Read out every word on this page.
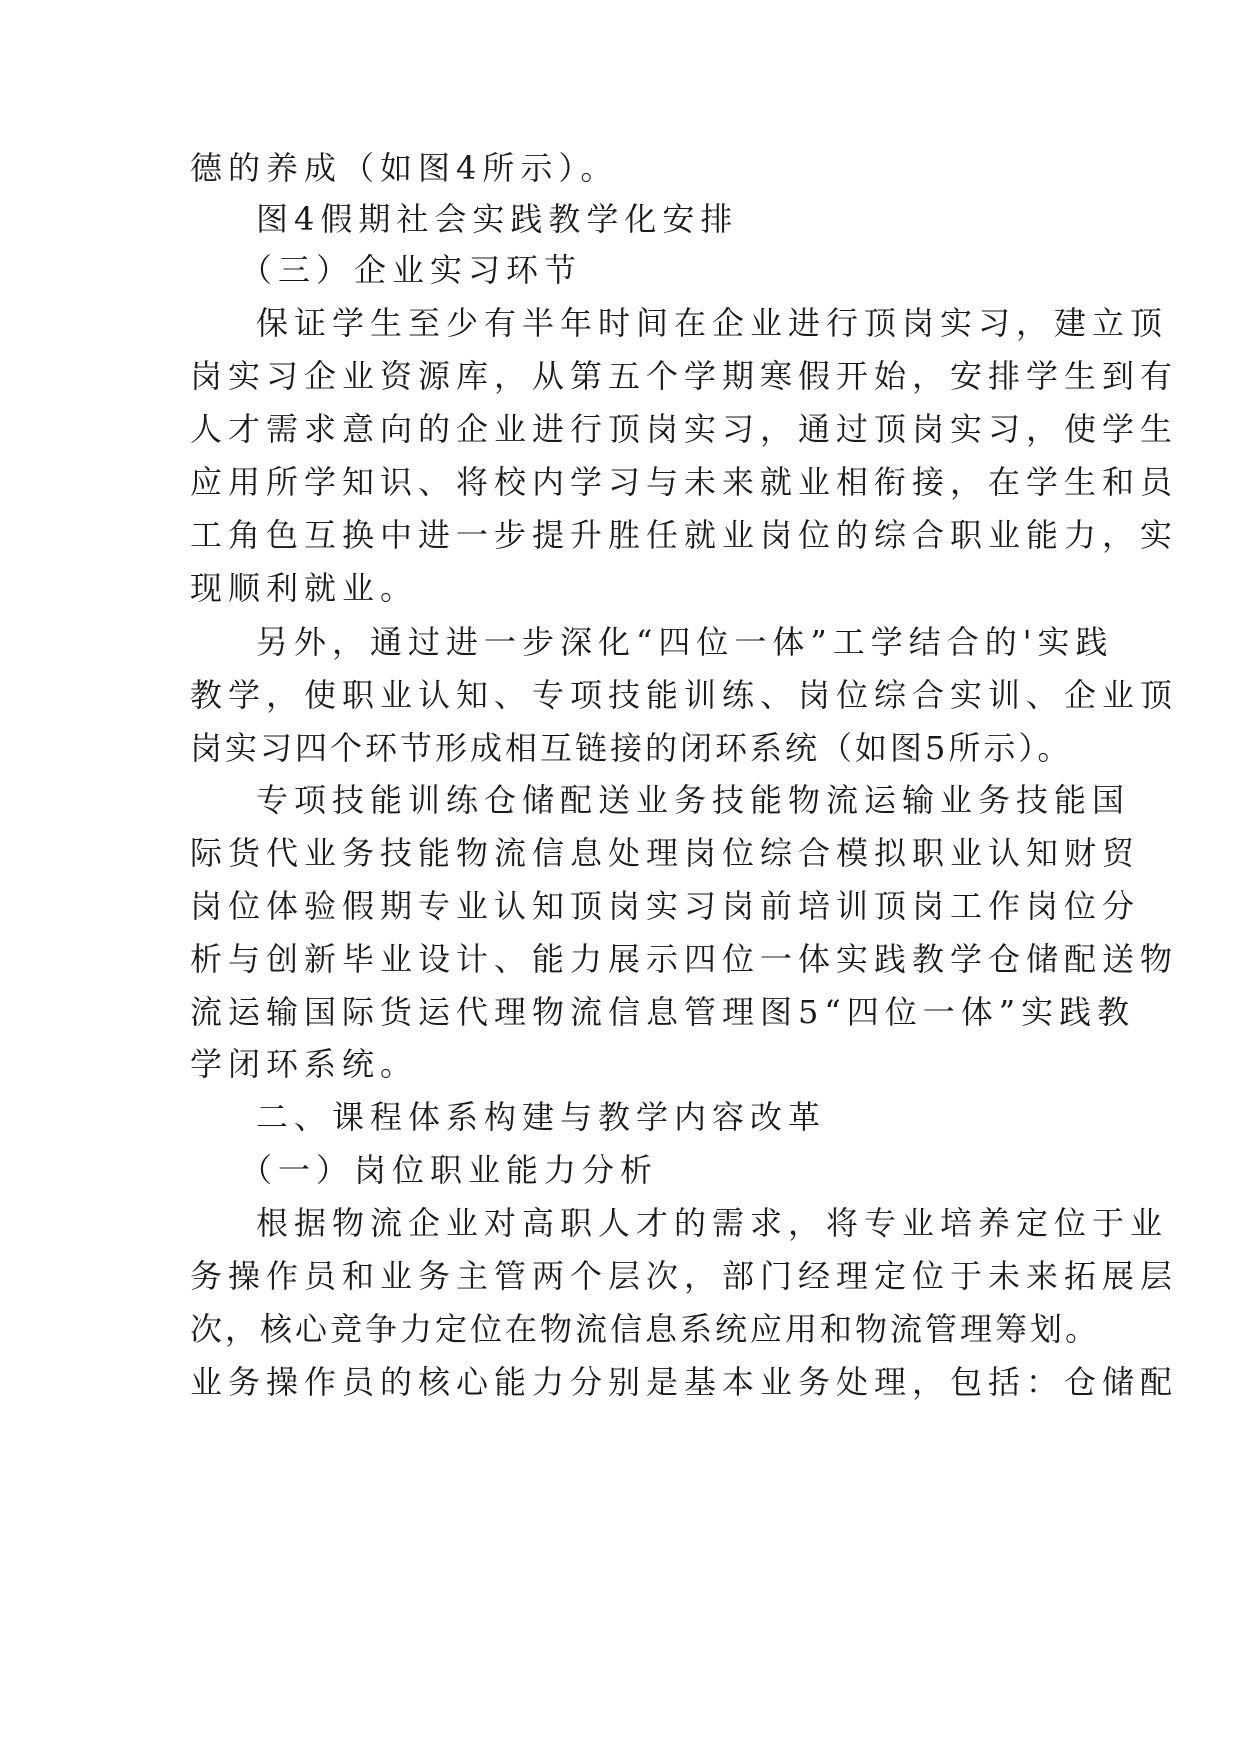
德的养成（如图4所示）。
图4假期社会实践教学化安排
（三）企业实习环节
保证学生至少有半年时间在企业进行顶岗实习，建立顶
岗实习企业资源库，从第五个学期寒假开始，安排学生到有
人才需求意向的企业进行顶岗实习，通过顶岗实习，使学生
应用所学知识、将校内学习与未来就业相衔接，在学生和员
工角色互换中进一步提升胜任就业岗位的综合职业能力，实
现顺利就业。
另外，通过进一步深化“四位一体”工学结合的'实践
教学，使职业认知、专项技能训练、岗位综合实训、企业顶
岗实习四个环节形成相互链接的闭环系统（如图5所示）。
专项技能训练仓储配送业务技能物流运输业务技能国
际货代业务技能物流信息处理岗位综合模拟职业认知财贸
岗位体验假期专业认知顶岗实习岗前培训顶岗工作岗位分
析与创新毕业设计、能力展示四位一体实践教学仓储配送物
流运输国际货运代理物流信息管理图5“四位一体”实践教
学闭环系统。
二、课程体系构建与教学内容改革
（一）岗位职业能力分析
根据物流企业对高职人才的需求，将专业培养定位于业
务操作员和业务主管两个层次，部门经理定位于未来拓展层
次，核心竞争力定位在物流信息系统应用和物流管理筹划。
业务操作员的核心能力分别是基本业务处理，包括：仓储配
